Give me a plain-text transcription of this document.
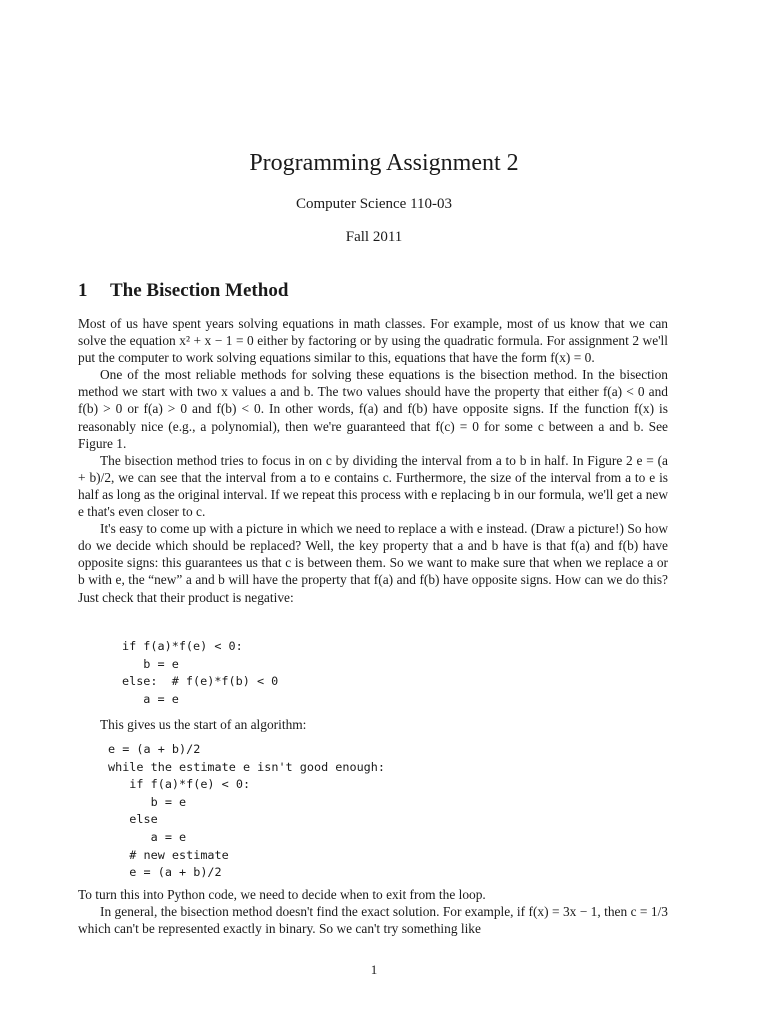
Programming Assignment 2
Computer Science 110-03
Fall 2011
1 The Bisection Method

Most of us have spent years solving equations in math classes. For example, most of us know that we can solve the equation x² + x − 1 = 0 either by factoring or by using the quadratic formula. For assignment 2 we'll put the computer to work solving equations similar to this, equations that have the form f(x) = 0.

One of the most reliable methods for solving these equations is the bisection method. In the bisection method we start with two x values a and b. The two values should have the property that either f(a) < 0 and f(b) > 0 or f(a) > 0 and f(b) < 0. In other words, f(a) and f(b) have opposite signs. If the function f(x) is reasonably nice (e.g., a polynomial), then we're guaranteed that f(c) = 0 for some c between a and b. See Figure 1.

The bisection method tries to focus in on c by dividing the interval from a to b in half. In Figure 2 e = (a + b)/2, we can see that the interval from a to e contains c. Furthermore, the size of the interval from a to e is half as long as the original interval. If we repeat this process with e replacing b in our formula, we'll get a new e that's even closer to c.

It's easy to come up with a picture in which we need to replace a with e instead. (Draw a picture!) So how do we decide which should be replaced? Well, the key property that a and b have is that f(a) and f(b) have opposite signs: this guarantees us that c is between them. So we want to make sure that when we replace a or b with e, the “new” a and b will have the property that f(a) and f(b) have opposite signs. How can we do this? Just check that their product is negative:

if f(a)*f(e) < 0:
b = e
else:  # f(e)*f(b) < 0
a = e

This gives us the start of an algorithm:

e = (a + b)/2
while the estimate e isn't good enough:
if f(a)*f(e) < 0:
b = e
else
a = e
# new estimate
e = (a + b)/2

To turn this into Python code, we need to decide when to exit from the loop.

In general, the bisection method doesn't find the exact solution. For example, if f(x) = 3x − 1, then c = 1/3 which can't be represented exactly in binary. So we can't try something like

1
